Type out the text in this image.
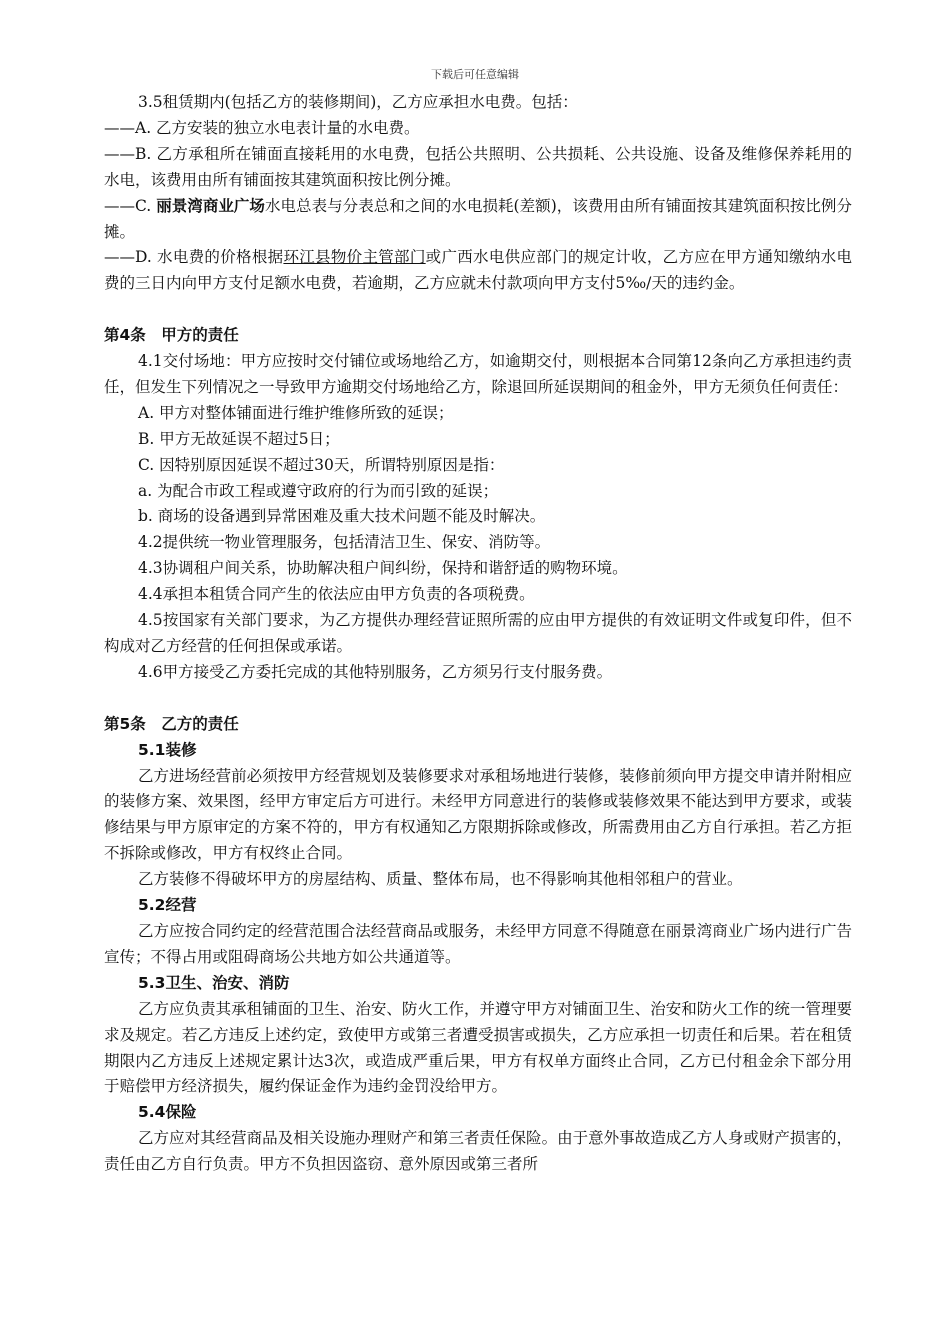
下载后可任意编辑

3.5租赁期内(包括乙方的装修期间)，乙方应承担水电费。包括：

——A. 乙方安装的独立水电表计量的水电费。

——B. 乙方承租所在铺面直接耗用的水电费，包括公共照明、公共损耗、公共设施、设备及维修保养耗用的水电，该费用由所有铺面按其建筑面积按比例分摊。

——C. 丽景湾商业广场水电总表与分表总和之间的水电损耗(差额)，该费用由所有铺面按其建筑面积按比例分摊。

——D. 水电费的价格根据环江县物价主管部门或广西水电供应部门的规定计收，乙方应在甲方通知缴纳水电费的三日内向甲方支付足额水电费，若逾期，乙方应就未付款项向甲方支付5‰/天的违约金。

第4条　甲方的责任

4.1交付场地：甲方应按时交付铺位或场地给乙方，如逾期交付，则根据本合同第12条向乙方承担违约责任，但发生下列情况之一导致甲方逾期交付场地给乙方，除退回所延误期间的租金外，甲方无须负任何责任：

A. 甲方对整体铺面进行维护维修所致的延误；

B. 甲方无故延误不超过5日；

C. 因特别原因延误不超过30天，所谓特别原因是指：

a. 为配合市政工程或遵守政府的行为而引致的延误；

b. 商场的设备遇到异常困难及重大技术问题不能及时解决。

4.2提供统一物业管理服务，包括清洁卫生、保安、消防等。

4.3协调租户间关系，协助解决租户间纠纷，保持和谐舒适的购物环境。

4.4承担本租赁合同产生的依法应由甲方负责的各项税费。

4.5按国家有关部门要求，为乙方提供办理经营证照所需的应由甲方提供的有效证明文件或复印件，但不构成对乙方经营的任何担保或承诺。

4.6甲方接受乙方委托完成的其他特别服务，乙方须另行支付服务费。

第5条　乙方的责任

5.1装修

乙方进场经营前必须按甲方经营规划及装修要求对承租场地进行装修，装修前须向甲方提交申请并附相应的装修方案、效果图，经甲方审定后方可进行。未经甲方同意进行的装修或装修效果不能达到甲方要求，或装修结果与甲方原审定的方案不符的，甲方有权通知乙方限期拆除或修改，所需费用由乙方自行承担。若乙方拒不拆除或修改，甲方有权终止合同。

乙方装修不得破坏甲方的房屋结构、质量、整体布局，也不得影响其他相邻租户的营业。

5.2经营

乙方应按合同约定的经营范围合法经营商品或服务，未经甲方同意不得随意在丽景湾商业广场内进行广告宣传；不得占用或阻碍商场公共地方如公共通道等。

5.3卫生、治安、消防

乙方应负责其承租铺面的卫生、治安、防火工作，并遵守甲方对铺面卫生、治安和防火工作的统一管理要求及规定。若乙方违反上述约定，致使甲方或第三者遭受损害或损失，乙方应承担一切责任和后果。若在租赁期限内乙方违反上述规定累计达3次，或造成严重后果，甲方有权单方面终止合同，乙方已付租金余下部分用于赔偿甲方经济损失，履约保证金作为违约金罚没给甲方。

5.4保险

乙方应对其经营商品及相关设施办理财产和第三者责任保险。由于意外事故造成乙方人身或财产损害的，责任由乙方自行负责。甲方不负担因盗窃、意外原因或第三者所
